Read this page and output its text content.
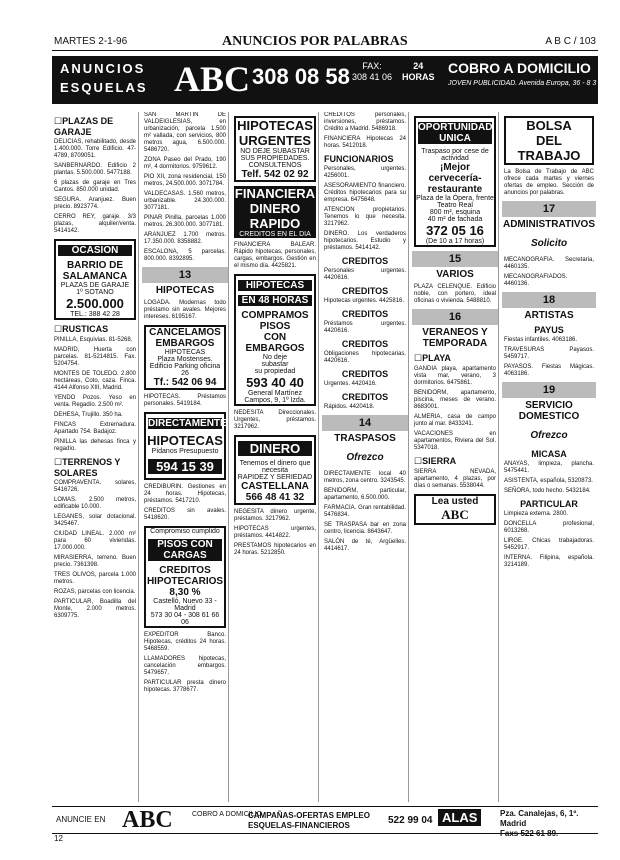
MARTES 2-1-96	ANUNCIOS POR PALABRAS	A B C / 103
ANUNCIOS
ESQUELAS ABC 308 08 58	FAX:
308 41 06
24
HORAS
COBRO A DOMICILIO
JOVEN PUBLICIDAD. Avenida Europa, 36 - 8 3
☐ PLAZAS DE GARAJE

DELICIAS, rehabilitado, desde 1.400.000. Torre Edificio. 47-4789, 8709051.

SANBERNARDO. Edificio 2 plantas. 5.500.000. 5477188.

6 plazas de garaje en Tres Cantos. 850.000 unidad.

SEGURA. Aranjuez. Buen precio. 8923774.

CERRO REY, garaje. 3/3 plazas, alquiler/venta. 5414142.

OCASION
BARRIO DE
SALAMANCA
PLAZAS DE GARAJE
1º SOTANO
2.500.000
TEL.: 388 42 28
☐ RUSTICAS

PINILLA, Esquivias. 81-5268.

MADRID, Huerta con parcelas. 81-5214815. Fax. 5204754.

MONTES DE TOLEDO. 2.800 hectáreas, Coto, caza. Finca. 4144 Alfonso XIII, Madrid.

YENDO Pozos. Yeso en venta. Regadío. 2.500 m².

DEHESA, Trujillo. 350 ha.

FINCAS Extremadura. Apartado 754. Badajoz.

PINILLA las dehesas finca y regadío.

☐ TERRENOS Y SOLARES

COMPRAVENTA. solares. 5416726.

LOMAS. 2.500 metros, edificable 10.000.

LEGANES, solar dotacional. 3425467.

CIUDAD LINEAL. 2.000 m² para 60 viviendas. 17.000.000.

MIRASIERRA, terreno. Buen precio. 7361398.

TRES OLIVOS, parcela 1.000 metros.

ROZAS, parcelas con licencia.

PARTICULAR, Boadilla del Monte, 2.000 metros. 6309775.

SAN MARTIN DE VALDEIGLESIAS, en urbanización, parcela 1.500 m² vallada, con servicios, 800 metros agua, 6.500.000. 5486720.

ZONA Paseo del Prado, 190 m², 4 dormitorios. 9759612.

PIO XII, zona residencial, 150 metros, 24.500.000. 3071784.

VALDECASAS. 1.560 metros, urbanizable. 24.300.000. 3077181.

PINAR Pinilla, parcelas 1.000 metros. 26.300.000. 3077181.

ARANJUEZ 1.700 metros. 17.350.000. 8358882.

ESCALONA, 5 parcelas. 800.000. 8392895.

13
HIPOTECAS

LOGADA. Modernas todo préstamo sin avales. Mejores intereses. 6195167.

CANCELAMOS
EMBARGOS
HIPOTECAS
Plaza Mostenses. Edificio Parking oficina 26
Tf.: 542 06 94

HIPOTECAS. Préstamos personales. 5419184.

DIRECTAMENTE
HIPOTECAS
Pídanos Presupuesto
594 15 39

CREDIBURIN. Gestiones en 24 horas. Hipotecas, préstamos. 5417210.

CREDITOS sin avales. 5418620.

Compromiso cumplido
PISOS CON CARGAS
CREDITOS
HIPOTECARIOS
8,30 %
Castelló, Nuevo 33 - Madrid
573 30 04 - 308 61 66 06

EXPEDITOR Banco. Hipotecas, créditos 24 horas. 5468559.

LLAMADORES hipotecas, cancelación embargos. 5479657.

PARTICULAR presta dinero hipotecas. 3778677.

HIPOTECAS
URGENTES
NO DEJE SUBASTAR
SUS PROPIEDADES.
CONSULTENOS
Telf. 542 02 92
FINANCIERA
DINERO
RAPIDO
CREDITOS EN EL DIA

FINANCIERA BALEAR. Rápido hipotecas, personales, cargas, embargos. Gestión en el mismo día. 4425821.

HIPOTECAS
EN 48 HORAS
COMPRAMOS
PISOS
CON
EMBARGOS
No deje
subastar
su propiedad
593 40 40
General Martínez Campos, 9, 1º Izda.

NEDESITA Direccionales. Urgentes, préstamos. 3217962.

DINERO
Tenemos el dinero que necesita
RAPIDEZ Y SERIEDAD
CASTELLANA
566 48 41 32

NEGESITA dinero urgente, préstamos. 3217962.

HIPOTECAS urgentes, préstamos. 4414822.

PRESTAMOS hipotecarios en 24 horas. 5212850.

CREDITOS personales, inversiones, préstamos. Crédito a Madrid. 5486918.

FINANCIERA Hipotecas 24 horas. 5412018.

FUNCIONARIOS

Personales, urgentes. 4256001.

ASESORAMIENTO financiero. Créditos hipotecarios para su empresa. 6475648.

ATENCION propietarios. Tenemos lo que necesita. 3217962.

DINERO. Los verdaderos hipotecarios. Estudio y préstamos. 5414142.

CREDITOS

Personales urgentes. 4420616.

CREDITOS

Hipotecas urgentes. 4425816.

CREDITOS

Préstamos urgentes. 4420616.

CREDITOS

Obligaciones hipotecarias. 4420616.

CREDITOS

Urgentes. 4420416.

CREDITOS

Rápidos. 4420418.

14
TRASPASOS
Ofrezco

DIRECTAMENTE local 40 metros, zona centro. 3243545.

BENIDORM, particular, apartamento, 6.500.000.

FARMACIA. Gran rentabilidad. 5476834.

SE TRASPASA bar en zona centro, licencia. 8643647.

SALÓN de té, Argüelles. 4414617.

OPORTUNIDAD UNICA
Traspaso por cese de actividad
¡Mejor cervecería-restaurante
Plaza de la Ópera, frente Teatro Real
800 m², esquina
40 m² de fachada
372 05 16
(De 10 a 17 horas)
15
VARIOS

PLAZA CELENQUE. Edificio noble, con portero, ideal oficinas o vivienda. 5488810.

16
VERANEOS Y TEMPORADA
☐ PLAYA

GANDIA playa, apartamento vista mar, verano, 3 dormitorios. 6475861.

BENIDORM, apartamento, piscina, meses de verano. 8683001.

ALMERIA, casa de campo junto al mar. 8433241.

VACACIONES en apartamentos, Riviera del Sol. 5347018.

☐ SIERRA

SIERRA NEVADA, apartamento, 4 plazas, por días o semanas. 5538044.

Lea usted
ABC
BOLSA
DEL
TRABAJO

La Bolsa de Trabajo de ABC ofrece cada martes y viernes ofertas de empleo. Sección de anuncios por palabras.

17
ADMINISTRATIVOS
Solicito

MECANOGRAFIA. Secretaria, 4460135.

MECANOGRAFIADOS. 4460136.

18
ARTISTAS
PAYUS

Fiestas infantiles. 4063186.

TRAVESURAS Payasos. 5459717.

PAYASOS. Fiestas Mágicas. 4063186.

19
SERVICIO DOMESTICO
Ofrezco
MICASA

ANAYAS, limpieza, plancha. 5475441.

ASISTENTA, española, 5320873.

SEÑORA, todo hecho. 5432184.

PARTICULAR

Limpieza externa. 2800.

DONCELLA profesional, 6013268.

LIRGE. Chicas trabajadoras. 5452917.

INTERNA. Filipina, española. 3214189.

ANUNCIE EN ABC	COBRO A DOMICILIO
CAMPAÑAS-OFERTAS EMPLEO
ESQUELAS-FINANCIEROS	522 99 04 ALAS	Pza. Canalejas, 6, 1º. Madrid
Faxs 522 61 89.
12
